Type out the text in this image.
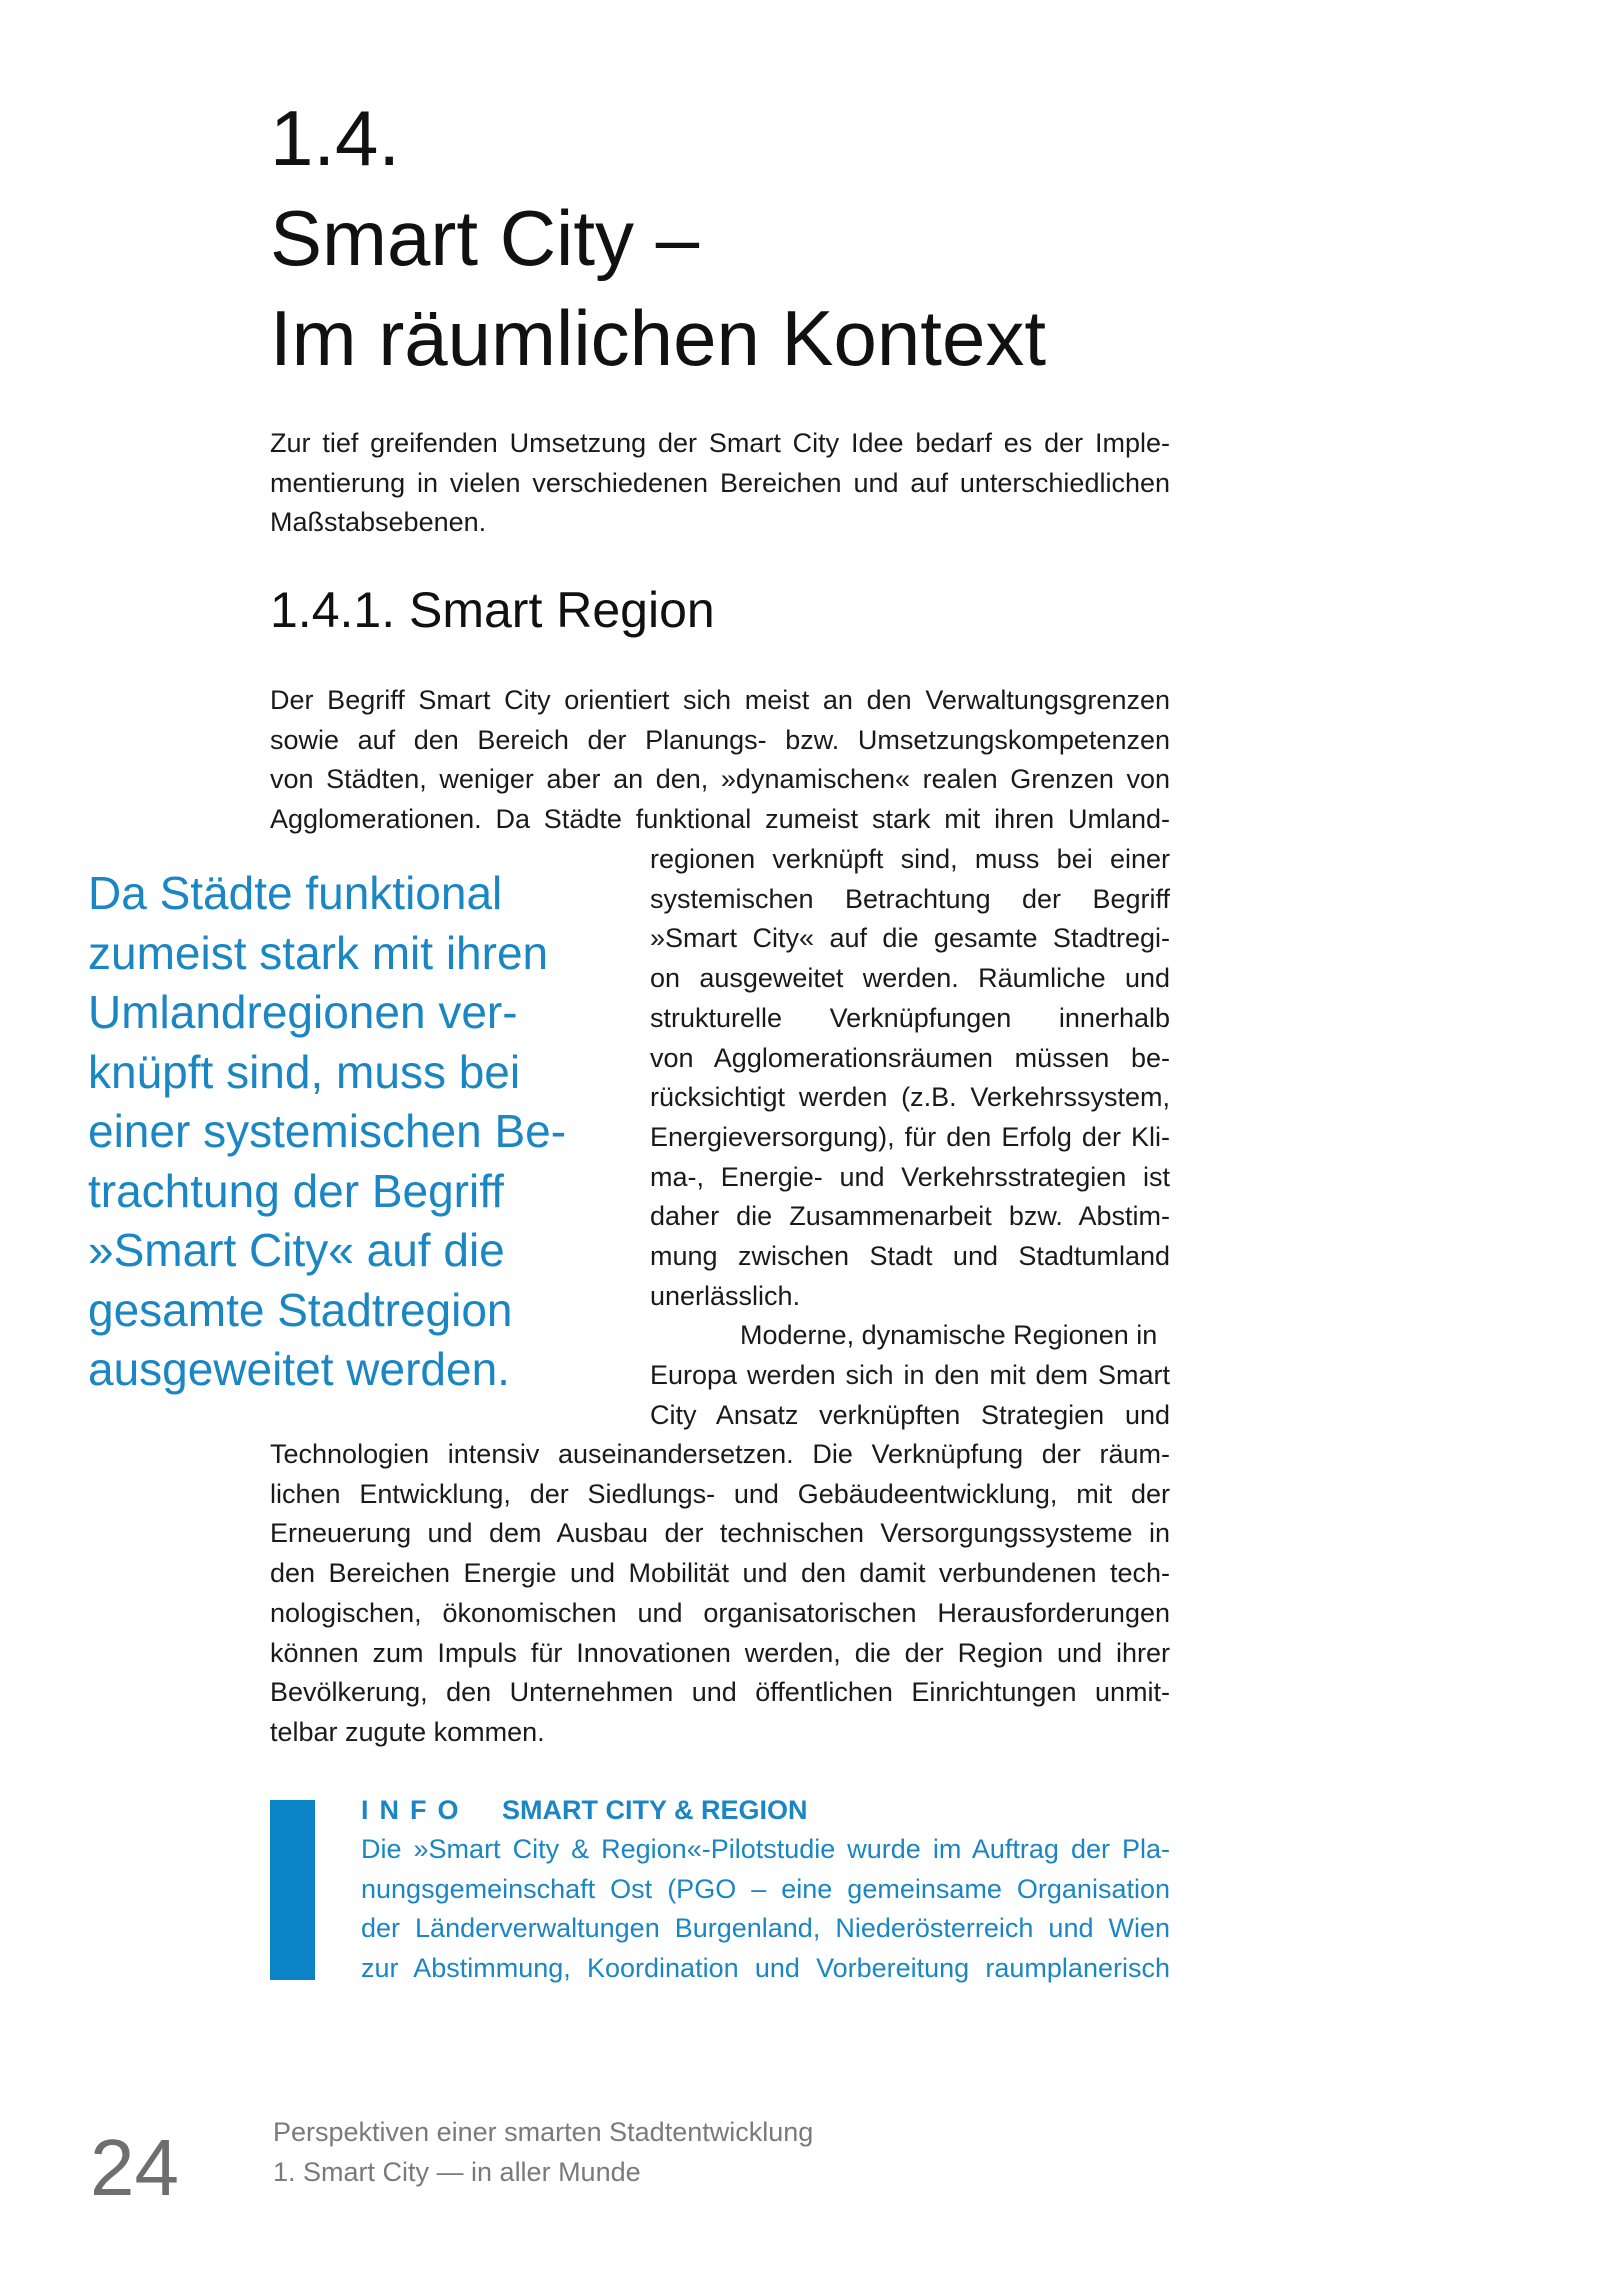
1.4.
Smart City –
Im räumlichen Kontext

Zur tief greifenden Umsetzung der Smart City Idee bedarf es der Imple-
mentierung in vielen verschiedenen Bereichen und auf unterschiedlichen
Maßstabsebenen.

1.4.1. Smart Region

Der Begriff Smart City orientiert sich meist an den Verwaltungsgrenzen
sowie auf den Bereich der Planungs- bzw. Umsetzungskompetenzen
von Städten, weniger aber an den, »dynamischen« realen Grenzen von
Agglomerationen. Da Städte funktional zumeist stark mit ihren Umland-

regionen verknüpft sind, muss bei einer
systemischen Betrachtung der Begriff
»Smart City« auf die gesamte Stadtregi-
on ausgeweitet werden. Räumliche und
strukturelle Verknüpfungen innerhalb
von Agglomerationsräumen müssen be-
rücksichtigt werden (z.B. Verkehrssystem,
Energieversorgung), für den Erfolg der Kli-
ma-, Energie- und Verkehrsstrategien ist
daher die Zusammenarbeit bzw. Abstim-
mung zwischen Stadt und Stadtumland
unerlässlich.
Moderne, dynamische Regionen in
Europa werden sich in den mit dem Smart
City Ansatz verknüpften Strategien und

Technologien intensiv auseinandersetzen. Die Verknüpfung der räum-
lichen Entwicklung, der Siedlungs- und Gebäudeentwicklung, mit der
Erneuerung und dem Ausbau der technischen Versorgungssysteme in
den Bereichen Energie und Mobilität und den damit verbundenen tech-
nologischen, ökonomischen und organisatorischen Herausforderungen
können zum Impuls für Innovationen werden, die der Region und ihrer
Bevölkerung, den Unternehmen und öffentlichen Einrichtungen unmit-
telbar zugute kommen.

Da Städte funktional
zumeist stark mit ihren
Umlandregionen ver-
knüpft sind, muss bei
einer systemischen Be-
trachtung der Begriff
»Smart City« auf die
gesamte Stadtregion
ausgeweitet werden.
INFO SMART CITY & REGION

Die »Smart City & Region«-Pilotstudie wurde im Auftrag der Pla-
nungsgemeinschaft Ost (PGO – eine gemeinsame Organisation
der Länderverwaltungen Burgenland, Niederösterreich und Wien
zur Abstimmung, Koordination und Vorbereitung raumplanerisch

24	Perspektiven einer smarten Stadtentwicklung
1. Smart City — in aller Munde
